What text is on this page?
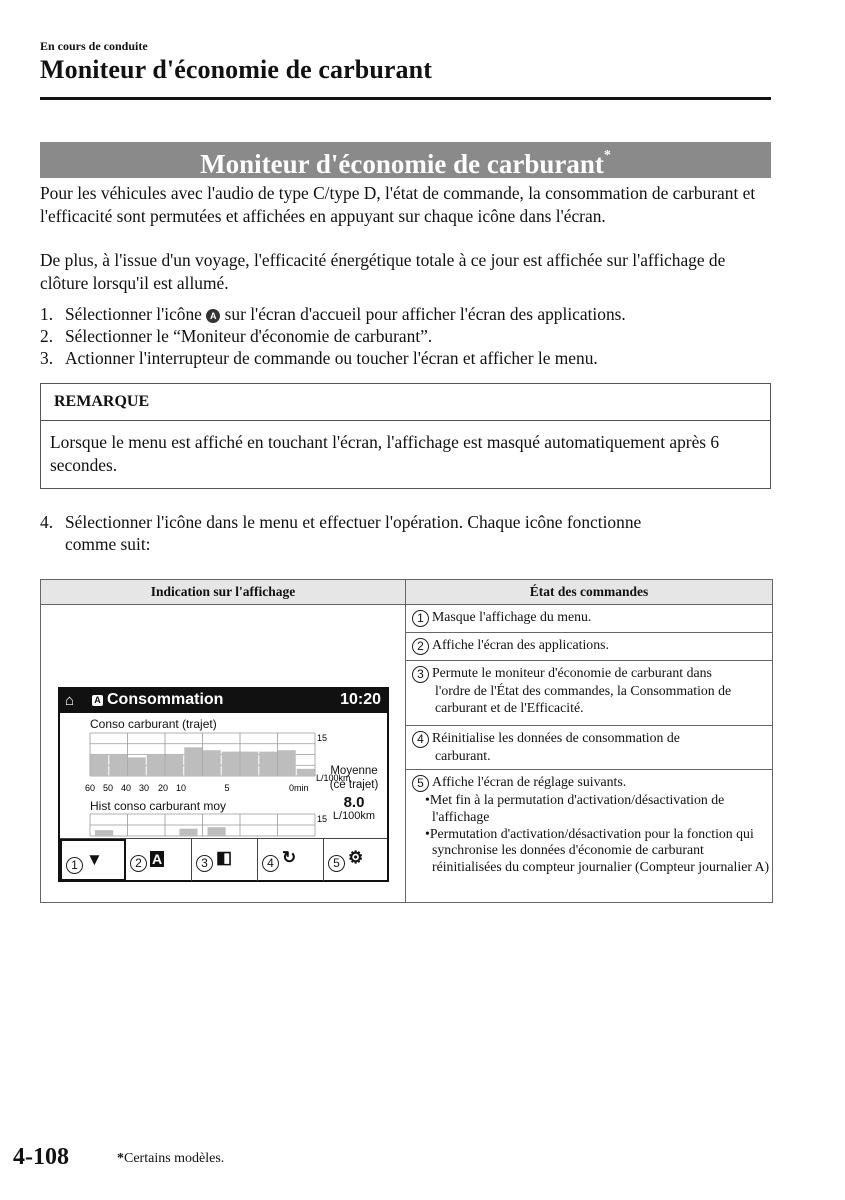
En cours de conduite
Moniteur d'économie de carburant
Moniteur d'économie de carburant*
Pour les véhicules avec l'audio de type C/type D, l'état de commande, la consommation de carburant et l'efficacité sont permutées et affichées en appuyant sur chaque icône dans l'écran.
De plus, à l'issue d'un voyage, l'efficacité énergétique totale à ce jour est affichée sur l'affichage de clôture lorsqu'il est allumé.
1. Sélectionner l'icône A sur l'écran d'accueil pour afficher l'écran des applications.
2. Sélectionner le “Moniteur d'économie de carburant”.
3. Actionner l'interrupteur de commande ou toucher l'écran et afficher le menu.
REMARQUE
Lorsque le menu est affiché en touchant l'écran, l'affichage est masqué automatiquement après 6 secondes.
4. Sélectionner l'icône dans le menu et effectuer l'opération. Chaque icône fonctionne
comme suit:
Indication sur l'affichage	État des commandes
⌂ A Consommation	10:20
Conso carburant (trajet)
15
L/100km
0min
60 50 40 30 20 10	5
Hist conso carburant moy
15
Moyenne
(ce trajet)
8.0
L/100km
1 ▼	2 A	3 ◧	4 ↻	5 ⚙
1 Masque l'affichage du menu.
2 Affiche l'écran des applications.
3 Permute le moniteur d'économie de carburant dans
l'ordre de l'État des commandes, la Consommation de carburant et de l'Efficacité.
4 Réinitialise les données de consommation de
carburant.
5 Affiche l'écran de réglage suivants.
•Met fin à la permutation d'activation/désactivation de l'affichage
•Permutation d'activation/désactivation pour la fonction qui synchronise les données d'économie de carburant réinitialisées du compteur journalier (Compteur journalier A)
4-108	*Certains modèles.
